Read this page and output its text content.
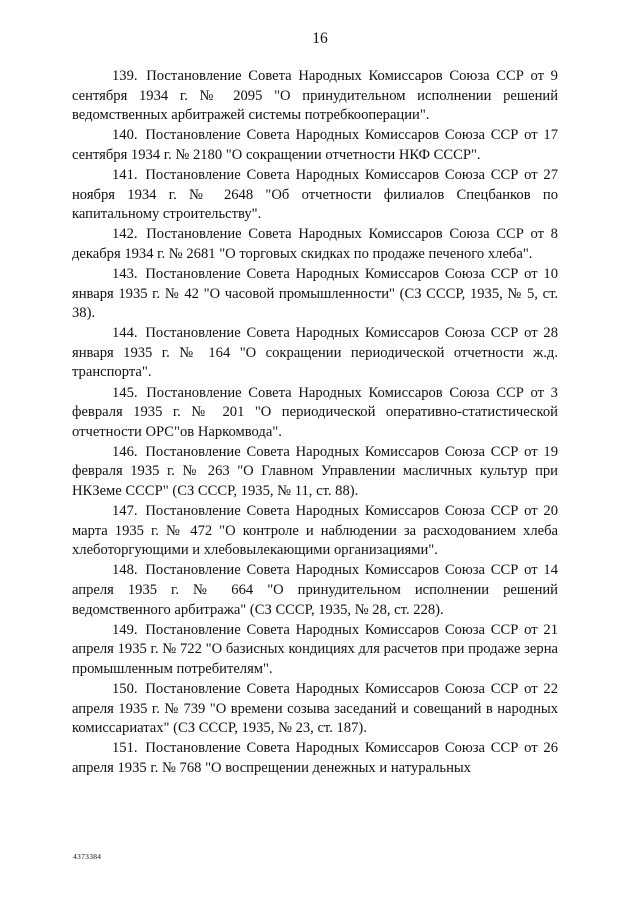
16

139. Постановление Совета Народных Комиссаров Союза ССР от 9 сентября 1934 г. № 2095 "О принудительном исполнении решений ведомственных арбитражей системы потребкооперации".

140. Постановление Совета Народных Комиссаров Союза ССР от 17 сентября 1934 г. № 2180 "О сокращении отчетности НКФ СССР".

141. Постановление Совета Народных Комиссаров Союза ССР от 27 ноября 1934 г. № 2648 "Об отчетности филиалов Спецбанков по капитальному строительству".

142. Постановление Совета Народных Комиссаров Союза ССР от 8 декабря 1934 г. № 2681 "О торговых скидках по продаже печеного хлеба".

143. Постановление Совета Народных Комиссаров Союза ССР от 10 января 1935 г. № 42 "О часовой промышленности" (СЗ СССР, 1935, № 5, ст. 38).

144. Постановление Совета Народных Комиссаров Союза ССР от 28 января 1935 г. № 164 "О сокращении периодической отчетности ж.д. транспорта".

145. Постановление Совета Народных Комиссаров Союза ССР от 3 февраля 1935 г. № 201 "О периодической оперативно-статистической отчетности ОРС"ов Наркомвода".

146. Постановление Совета Народных Комиссаров Союза ССР от 19 февраля 1935 г. № 263 "О Главном Управлении масличных культур при НКЗеме СССР" (СЗ СССР, 1935, № 11, ст. 88).

147. Постановление Совета Народных Комиссаров Союза ССР от 20 марта 1935 г. № 472 "О контроле и наблюдении за расходованием хлеба хлеботоргующими и хлебовылекающими организациями".

148. Постановление Совета Народных Комиссаров Союза ССР от 14 апреля 1935 г. № 664 "О принудительном исполнении решений ведомственного арбитража" (СЗ СССР, 1935, № 28, ст. 228).

149. Постановление Совета Народных Комиссаров Союза ССР от 21 апреля 1935 г. № 722 "О базисных кондициях для расчетов при продаже зерна промышленным потребителям".

150. Постановление Совета Народных Комиссаров Союза ССР от 22 апреля 1935 г. № 739 "О времени созыва заседаний и совещаний в народных комиссариатах" (СЗ СССР, 1935, № 23, ст. 187).

151. Постановление Совета Народных Комиссаров Союза ССР от 26 апреля 1935 г. № 768 "О воспрещении денежных и натуральных

4373384
